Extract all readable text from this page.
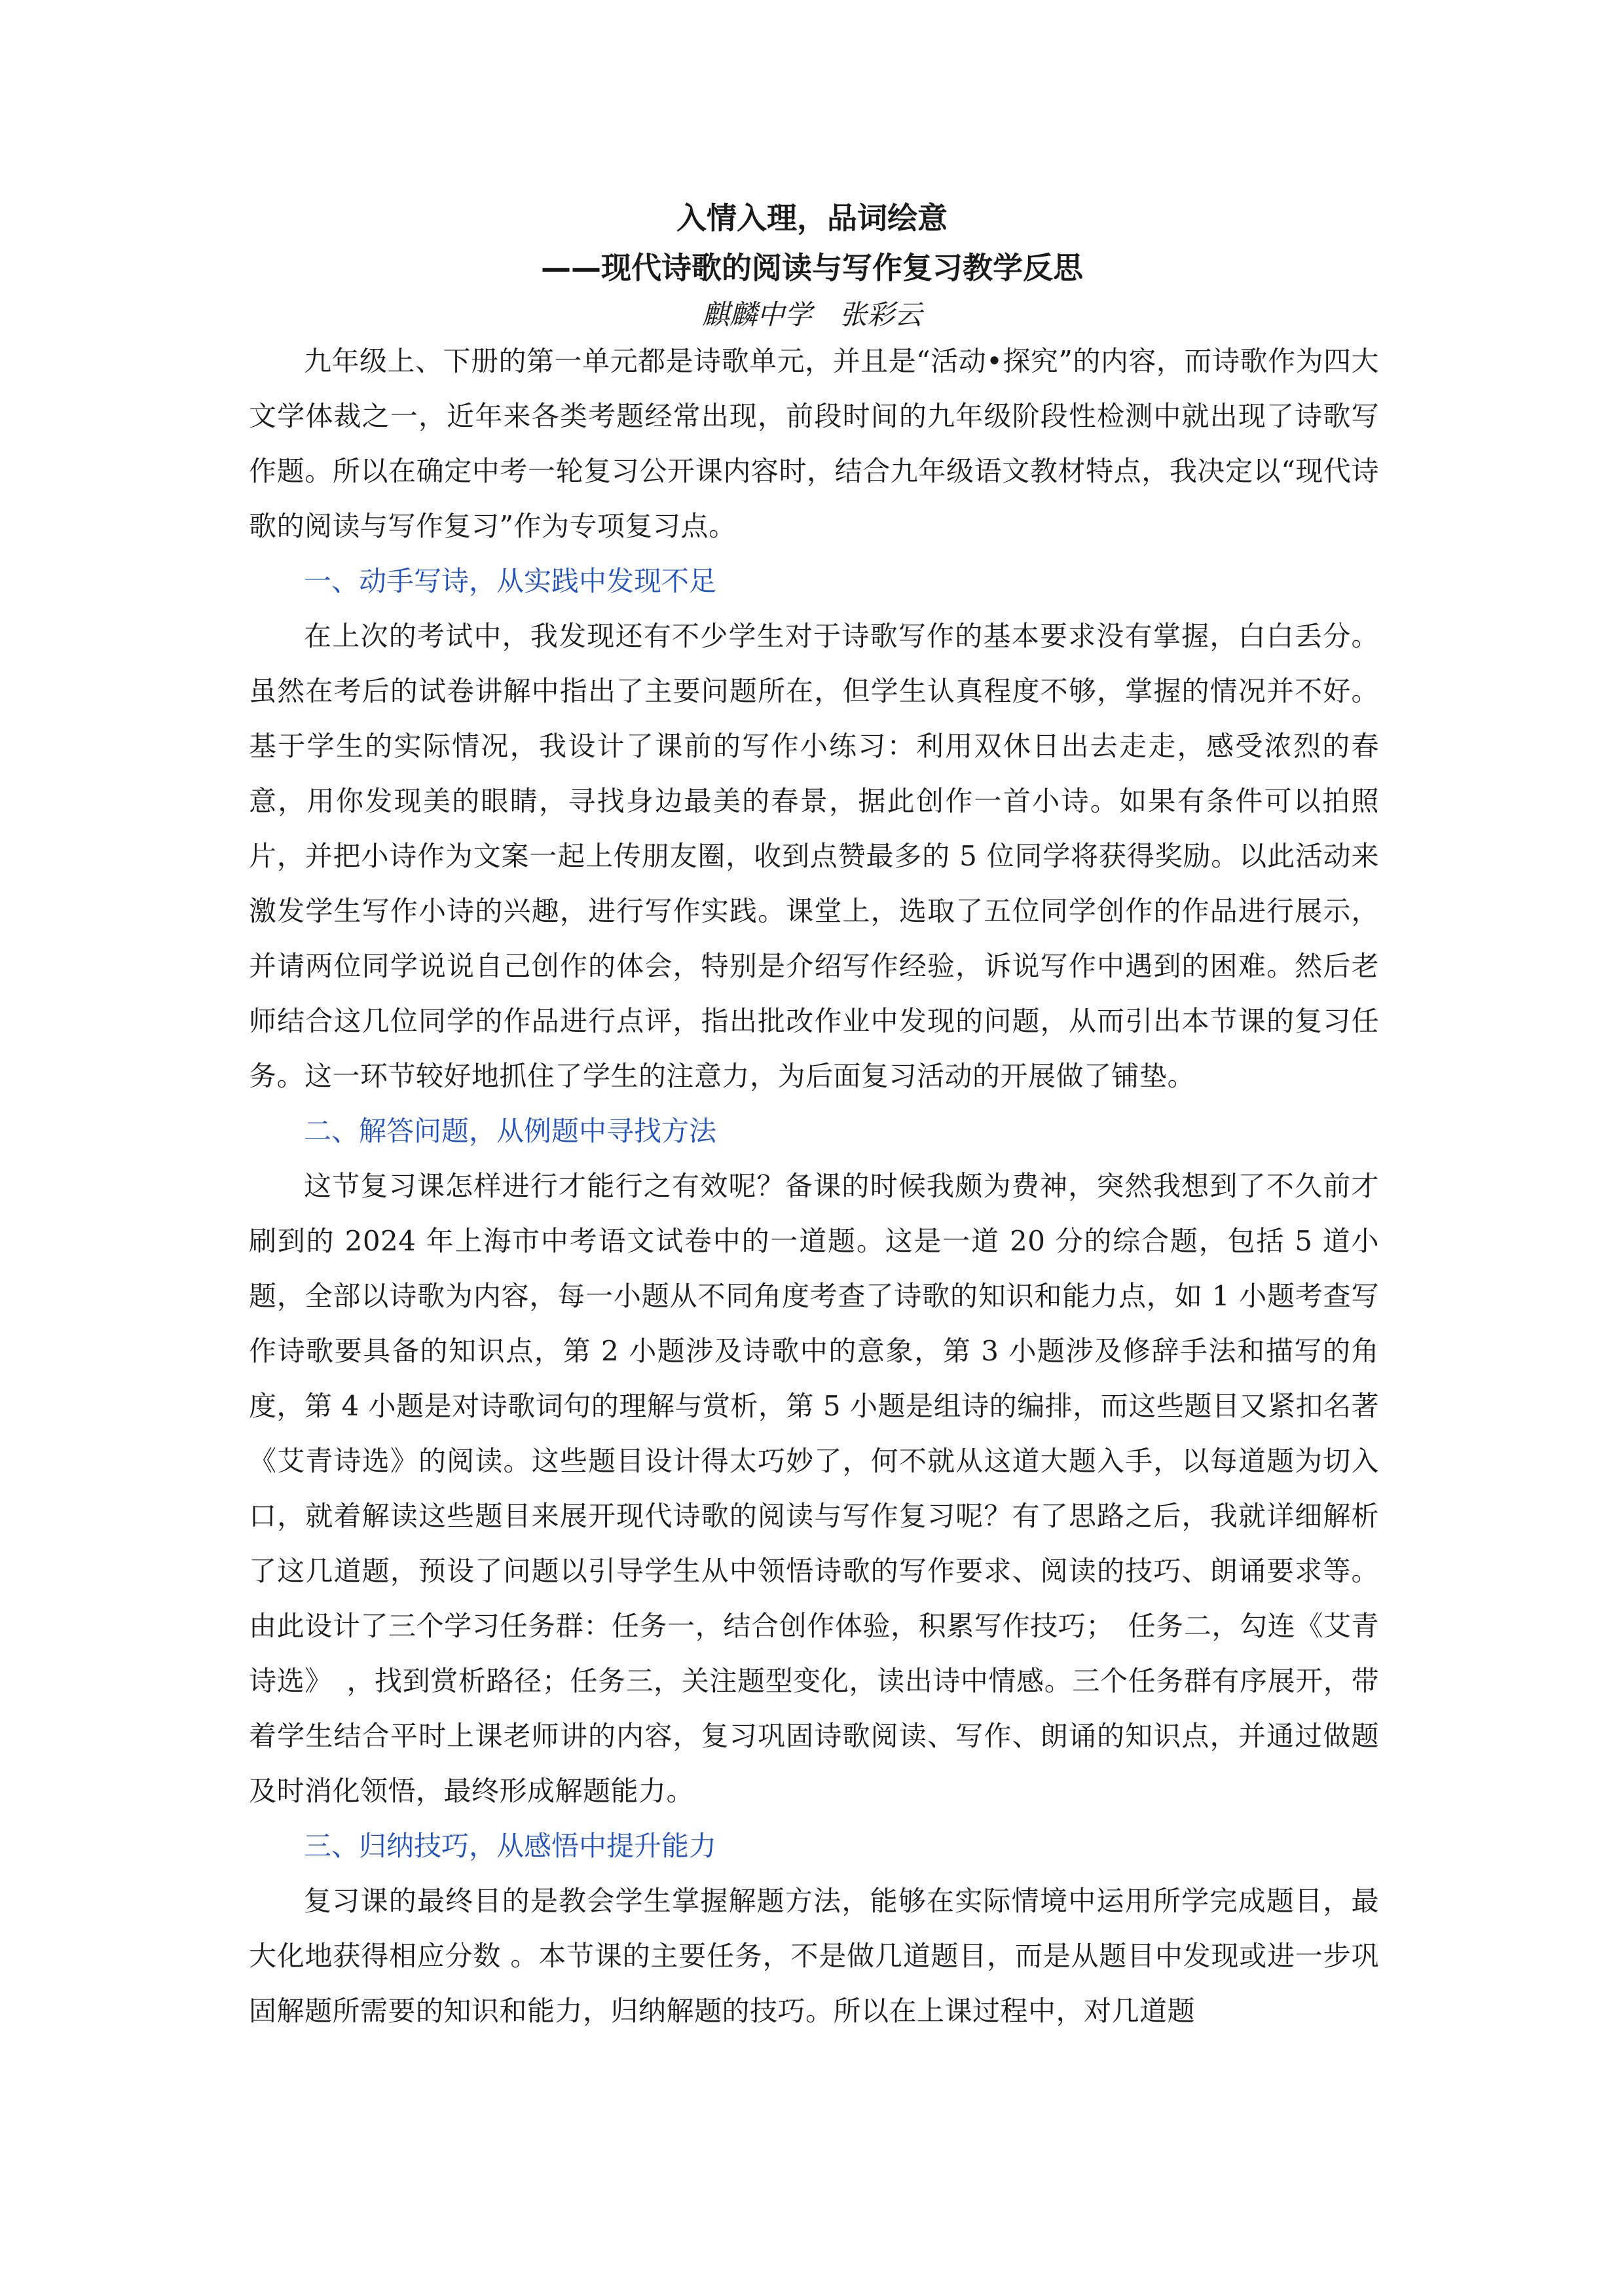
入情入理，品词绘意

——现代诗歌的阅读与写作复习教学反思

麒麟中学　张彩云

九年级上、下册的第一单元都是诗歌单元，并且是“活动•探究”的内容，而诗歌作为四大文学体裁之一，近年来各类考题经常出现，前段时间的九年级阶段性检测中就出现了诗歌写作题。所以在确定中考一轮复习公开课内容时，结合九年级语文教材特点，我决定以“现代诗歌的阅读与写作复习”作为专项复习点。

一、动手写诗，从实践中发现不足

在上次的考试中，我发现还有不少学生对于诗歌写作的基本要求没有掌握，白白丢分。虽然在考后的试卷讲解中指出了主要问题所在，但学生认真程度不够，掌握的情况并不好。基于学生的实际情况，我设计了课前的写作小练习：利用双休日出去走走，感受浓烈的春意，用你发现美的眼睛，寻找身边最美的春景，据此创作一首小诗。如果有条件可以拍照片，并把小诗作为文案一起上传朋友圈，收到点赞最多的 5 位同学将获得奖励。以此活动来激发学生写作小诗的兴趣，进行写作实践。课堂上，选取了五位同学创作的作品进行展示，并请两位同学说说自己创作的体会，特别是介绍写作经验，诉说写作中遇到的困难。然后老师结合这几位同学的作品进行点评，指出批改作业中发现的问题，从而引出本节课的复习任务。这一环节较好地抓住了学生的注意力，为后面复习活动的开展做了铺垫。

二、解答问题，从例题中寻找方法

这节复习课怎样进行才能行之有效呢？备课的时候我颇为费神，突然我想到了不久前才刷到的 2024 年上海市中考语文试卷中的一道题。这是一道 20 分的综合题，包括 5 道小题，全部以诗歌为内容，每一小题从不同角度考查了诗歌的知识和能力点，如 1 小题考查写作诗歌要具备的知识点，第 2 小题涉及诗歌中的意象，第 3 小题涉及修辞手法和描写的角度，第 4 小题是对诗歌词句的理解与赏析，第 5 小题是组诗的编排，而这些题目又紧扣名著《艾青诗选》的阅读。这些题目设计得太巧妙了，何不就从这道大题入手，以每道题为切入口，就着解读这些题目来展开现代诗歌的阅读与写作复习呢？有了思路之后，我就详细解析了这几道题，预设了问题以引导学生从中领悟诗歌的写作要求、阅读的技巧、朗诵要求等。由此设计了三个学习任务群：任务一，结合创作体验，积累写作技巧；　任务二，勾连《艾青诗选》　，找到赏析路径；任务三，关注题型变化，读出诗中情感。三个任务群有序展开，带着学生结合平时上课老师讲的内容，复习巩固诗歌阅读、写作、朗诵的知识点，并通过做题及时消化领悟，最终形成解题能力。

三、归纳技巧，从感悟中提升能力

复习课的最终目的是教会学生掌握解题方法，能够在实际情境中运用所学完成题目，最大化地获得相应分数 。本节课的主要任务，不是做几道题目，而是从题目中发现或进一步巩固解题所需要的知识和能力，归纳解题的技巧。所以在上课过程中，对几道题
